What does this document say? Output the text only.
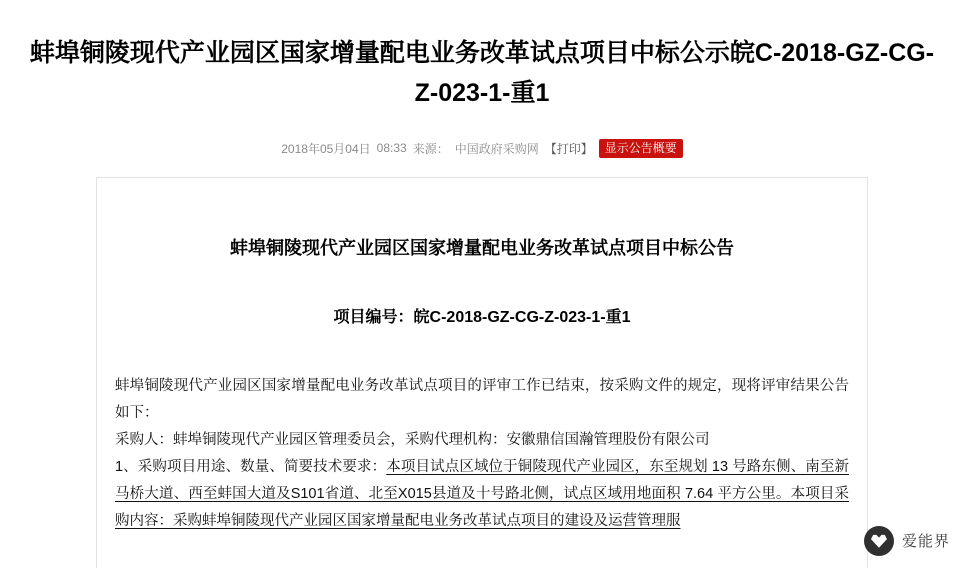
蚌埠铜陵现代产业园区国家增量配电业务改革试点项目中标公示皖C-2018-GZ-CG-Z-023-1-重1
2018年05月04日 08:33 来源： 中国政府采购网 【打印】	显示公告概要
蚌埠铜陵现代产业园区国家增量配电业务改革试点项目中标公告
项目编号：皖C-2018-GZ-CG-Z-023-1-重1

蚌埠铜陵现代产业园区国家增量配电业务改革试点项目的评审工作已结束，按采购文件的规定，现将评审结果公告如下：

采购人：蚌埠铜陵现代产业园区管理委员会，采购代理机构：安徽鼎信国瀚管理股份有限公司

1、采购项目用途、数量、简要技术要求：本项目试点区域位于铜陵现代产业园区，东至规划 13 号路东侧、南至新马桥大道、西至蚌国大道及S101省道、北至X015县道及十号路北侧，试点区域用地面积 7.64 平方公里。本项目采购内容：采购蚌埠铜陵现代产业园区国家增量配电业务改革试点项目的建设及运营管理服

爱能界
